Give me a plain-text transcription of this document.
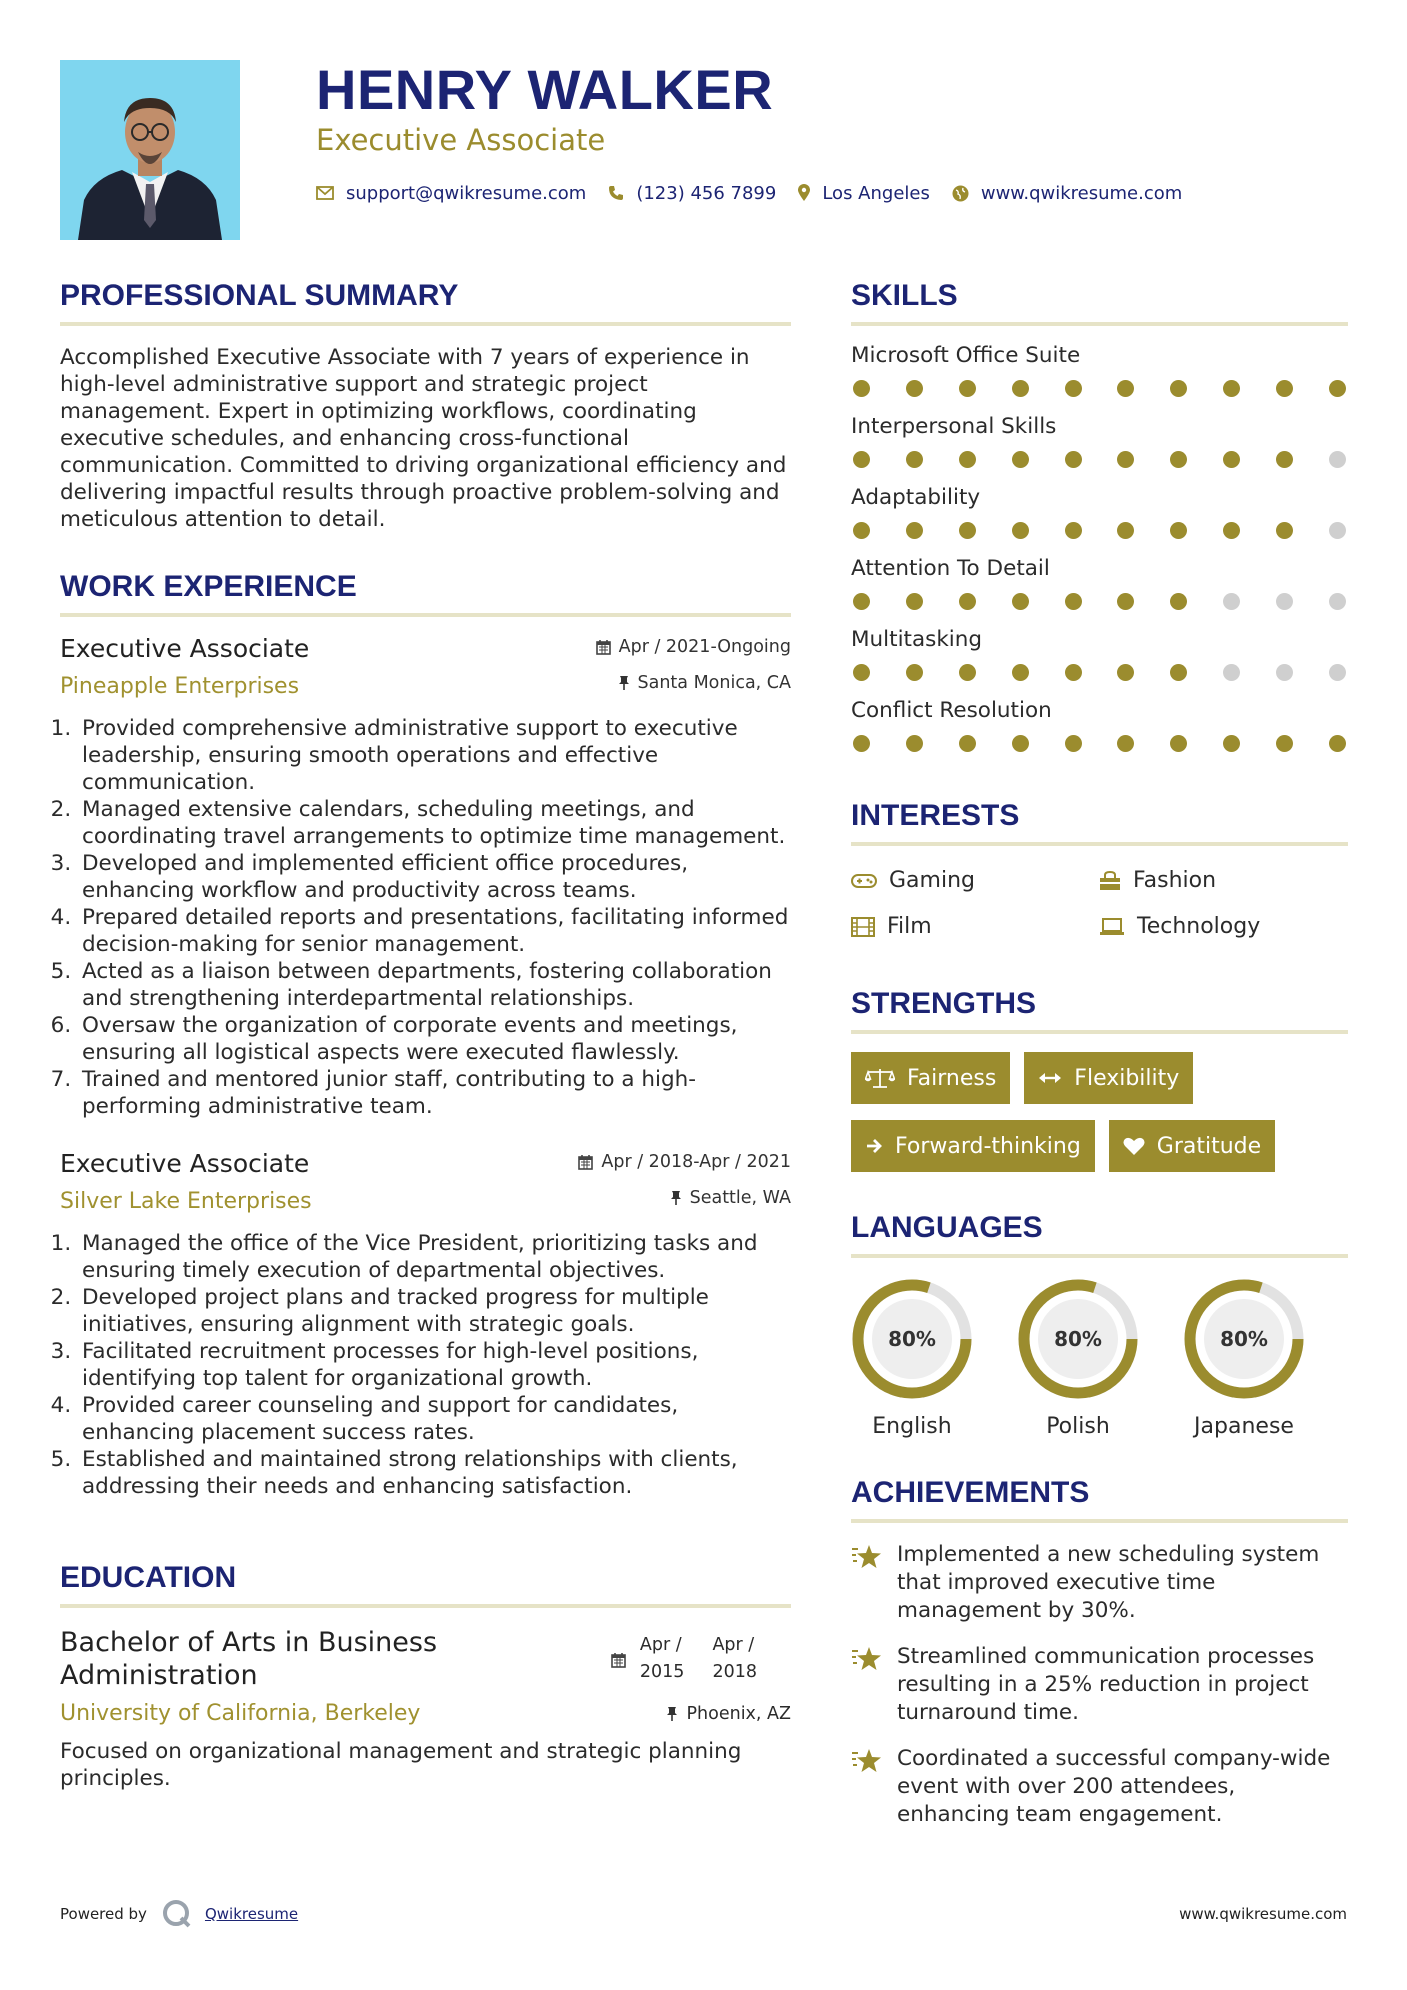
HENRY WALKER
Executive Associate
support@qwikresume.com	(123) 456 7899	Los Angeles	www.qwikresume.com
PROFESSIONAL SUMMARY
Accomplished Executive Associate with 7 years of experience in high-level administrative support and strategic project management. Expert in optimizing workflows, coordinating executive schedules, and enhancing cross-functional communication. Committed to driving organizational efficiency and delivering impactful results through proactive problem-solving and meticulous attention to detail.
WORK EXPERIENCE
Executive Associate
Pineapple Enterprises
Apr / 2021-Ongoing
Santa Monica, CA
1. Provided comprehensive administrative support to executive leadership, ensuring smooth operations and effective communication.
2. Managed extensive calendars, scheduling meetings, and coordinating travel arrangements to optimize time management.
3. Developed and implemented efficient office procedures, enhancing workflow and productivity across teams.
4. Prepared detailed reports and presentations, facilitating informed decision-making for senior management.
5. Acted as a liaison between departments, fostering collaboration and strengthening interdepartmental relationships.
6. Oversaw the organization of corporate events and meetings, ensuring all logistical aspects were executed flawlessly.
7. Trained and mentored junior staff, contributing to a high-performing administrative team.
Executive Associate
Silver Lake Enterprises
Apr / 2018-Apr / 2021
Seattle, WA
1. Managed the office of the Vice President, prioritizing tasks and ensuring timely execution of departmental objectives.
2. Developed project plans and tracked progress for multiple initiatives, ensuring alignment with strategic goals.
3. Facilitated recruitment processes for high-level positions, identifying top talent for organizational growth.
4. Provided career counseling and support for candidates, enhancing placement success rates.
5. Established and maintained strong relationships with clients, addressing their needs and enhancing satisfaction.
EDUCATION
Bachelor of Arts in Business Administration
Apr /
2015
Apr /
2018
University of California, Berkeley	Phoenix, AZ
Focused on organizational management and strategic planning principles.
SKILLS
Microsoft Office Suite
Interpersonal Skills
Adaptability
Attention To Detail
Multitasking
Conflict Resolution
INTERESTS
Gaming	Fashion
Film	Technology
STRENGTHS
Fairness	Flexibility
Forward-thinking	Gratitude
LANGUAGES
80%
English
80%
Polish
80%
Japanese
ACHIEVEMENTS
Implemented a new scheduling system that improved executive time management by 30%.
Streamlined communication processes resulting in a 25% reduction in project turnaround time.
Coordinated a successful company-wide event with over 200 attendees, enhancing team engagement.
Powered by	Qwikresume	www.qwikresume.com
